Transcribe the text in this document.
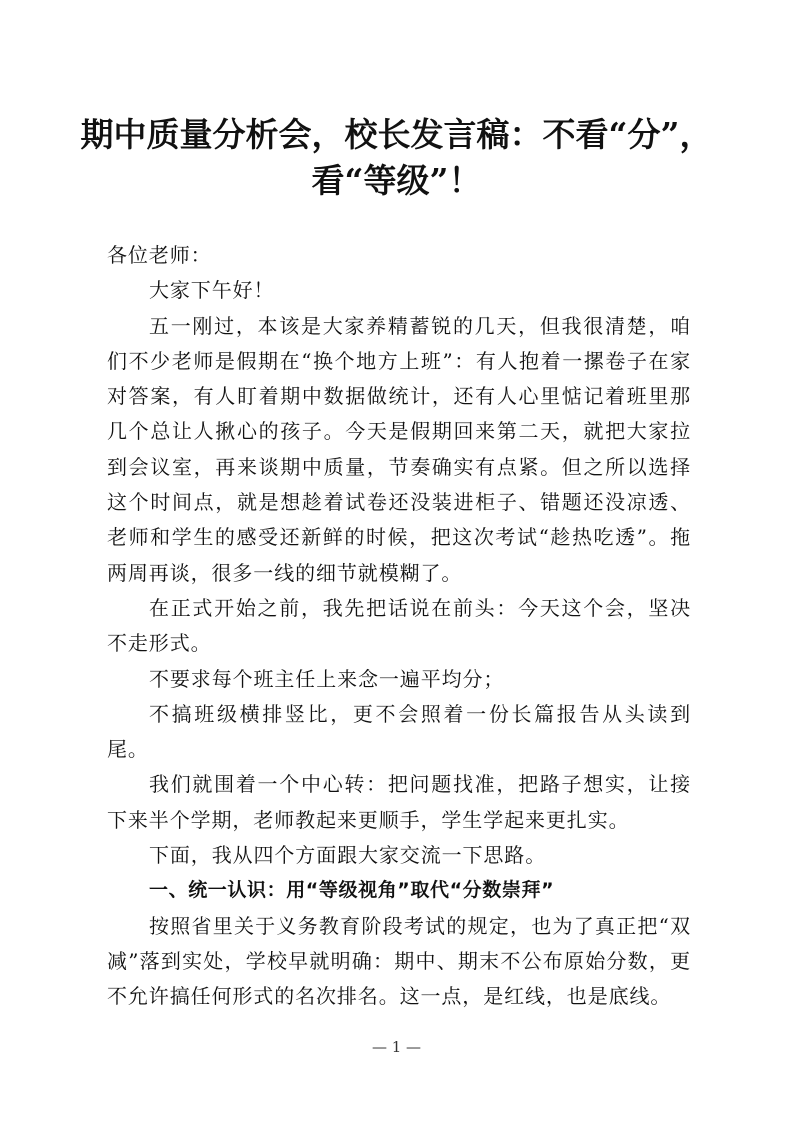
期中质量分析会，校长发言稿：不看“分”，
看“等级”！

各位老师：

大家下午好！

五一刚过，本该是大家养精蓄锐的几天，但我很清楚，咱们不少老师是假期在“换个地方上班”：有人抱着一摞卷子在家对答案，有人盯着期中数据做统计，还有人心里惦记着班里那几个总让人揪心的孩子。今天是假期回来第二天，就把大家拉到会议室，再来谈期中质量，节奏确实有点紧。但之所以选择这个时间点，就是想趁着试卷还没装进柜子、错题还没凉透、老师和学生的感受还新鲜的时候，把这次考试“趁热吃透”。拖两周再谈，很多一线的细节就模糊了。

在正式开始之前，我先把话说在前头：今天这个会，坚决不走形式。

不要求每个班主任上来念一遍平均分；

不搞班级横排竖比，更不会照着一份长篇报告从头读到尾。

我们就围着一个中心转：把问题找准，把路子想实，让接下来半个学期，老师教起来更顺手，学生学起来更扎实。

下面，我从四个方面跟大家交流一下思路。

一、统一认识：用“等级视角”取代“分数崇拜”

按照省里关于义务教育阶段考试的规定，也为了真正把“双减”落到实处，学校早就明确：期中、期末不公布原始分数，更不允许搞任何形式的名次排名。这一点，是红线，也是底线。

— 1 —
